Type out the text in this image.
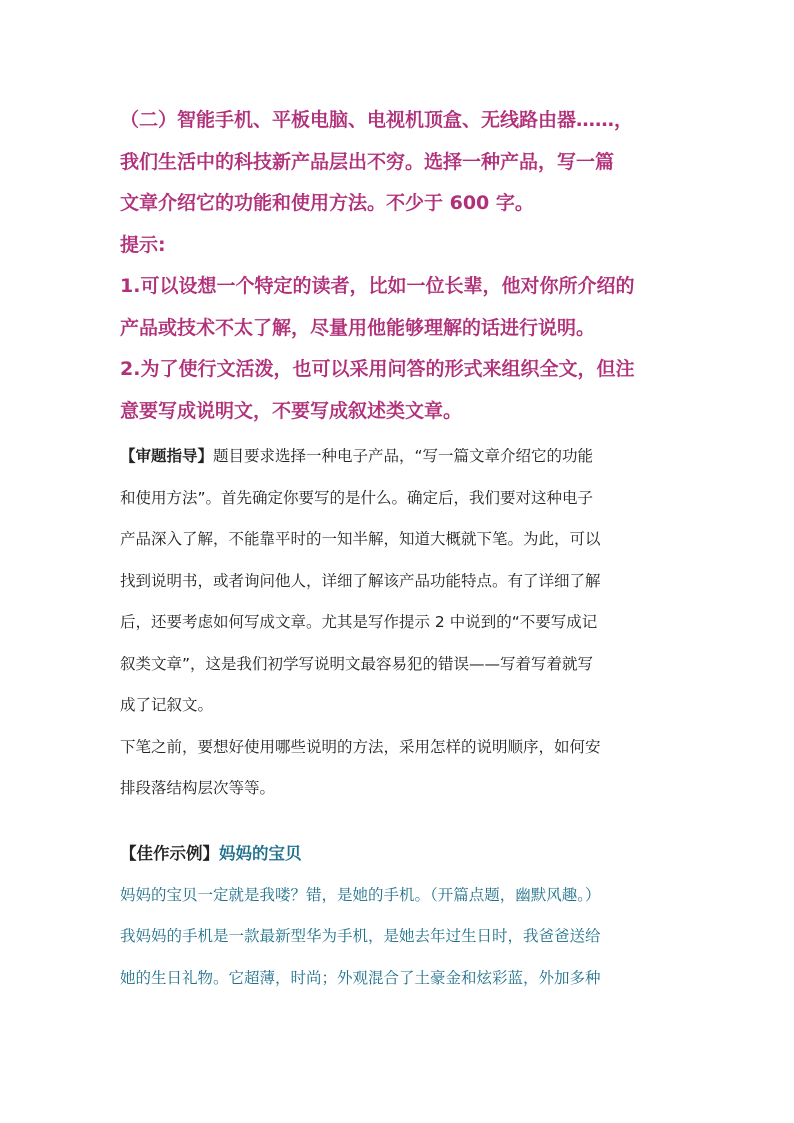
（二）智能手机、平板电脑、电视机顶盒、无线路由器……，
我们生活中的科技新产品层出不穷。选择一种产品，写一篇
文章介绍它的功能和使用方法。不少于 600 字。
提示:
1.可以设想一个特定的读者，比如一位长辈，他对你所介绍的
产品或技术不太了解，尽量用他能够理解的话进行说明。
2.为了使行文活泼，也可以采用问答的形式来组织全文，但注
意要写成说明文，不要写成叙述类文章。
【审题指导】题目要求选择一种电子产品，“写一篇文章介绍它的功能
和使用方法”。首先确定你要写的是什么。确定后，我们要对这种电子
产品深入了解，不能靠平时的一知半解，知道大概就下笔。为此，可以
找到说明书，或者询问他人，详细了解该产品功能特点。有了详细了解
后，还要考虑如何写成文章。尤其是写作提示 2 中说到的“不要写成记
叙类文章”，这是我们初学写说明文最容易犯的错误——写着写着就写
成了记叙文。
下笔之前，要想好使用哪些说明的方法，采用怎样的说明顺序，如何安
排段落结构层次等等。
【佳作示例】妈妈的宝贝
妈妈的宝贝一定就是我喽？错，是她的手机。（开篇点题，幽默风趣。）
我妈妈的手机是一款最新型华为手机，是她去年过生日时，我爸爸送给
她的生日礼物。它超薄，时尚；外观混合了土豪金和炫彩蓝，外加多种
